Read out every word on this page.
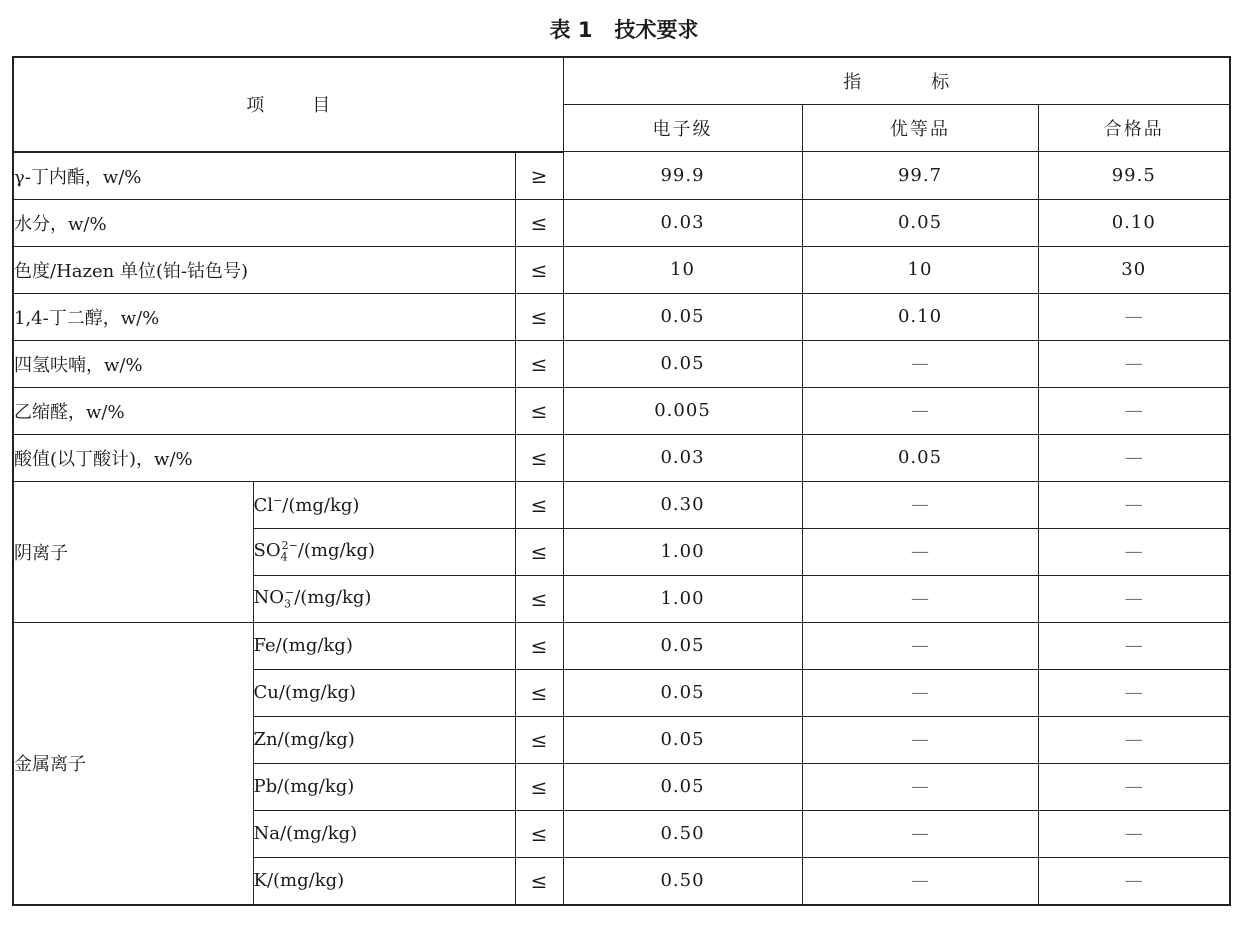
表 1 技术要求
项目			指标		
			电子级	优等品	合格品
γ-丁内酯，w/%		≥	99.9	99.7	99.5
水分，w/%		≤	0.03	0.05	0.10
色度/Hazen 单位(铂-钴色号)		≤	10	10	30
1,4-丁二醇，w/%		≤	0.05	0.10	—
四氢呋喃，w/%		≤	0.05	—	—
乙缩醛，w/%		≤	0.005	—	—
酸值(以丁酸计)，w/%		≤	0.03	0.05	—
阴离子	Cl−/(mg/kg)	≤	0.30	—	—
	$SO_4^{2-}/(mg/kg)$	≤	1.00	—	—
	$NO_3^-/(mg/kg)$	≤	1.00	—	—
金属离子	Fe/(mg/kg)	≤	0.05	—	—
	Cu/(mg/kg)	≤	0.05	—	—
	Zn/(mg/kg)	≤	0.05	—	—
	Pb/(mg/kg)	≤	0.05	—	—
	Na/(mg/kg)	≤	0.50	—	—
	K/(mg/kg)	≤	0.50	—	—
